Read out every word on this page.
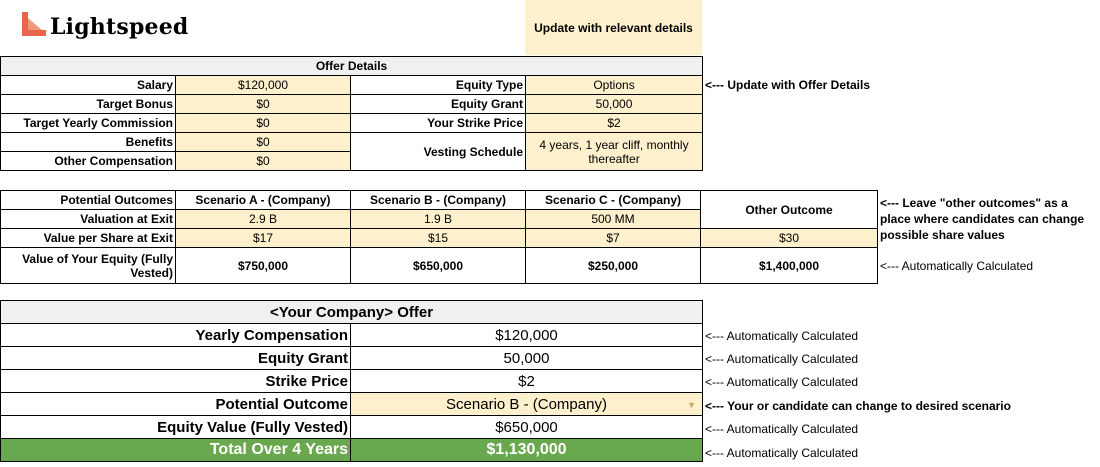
Lightspeed	Update with relevant details
Offer Details			
Salary	$120,000	Equity Type	Options
Target Bonus	$0	Equity Grant	50,000
Target Yearly Commission	$0	Your Strike Price	$2
Benefits	$0	Vesting Schedule	4 years, 1 year cliff, monthly thereafter
Other Compensation	$0		
<--- Update with Offer Details
Potential Outcomes	Scenario A - (Company)	Scenario B - (Company)	Scenario C - (Company)	Other Outcome
Valuation at Exit	2.9 B	1.9 B	500 MM	
Value per Share at Exit	$17	$15	$7	$30
Value of Your Equity (Fully Vested)	$750,000	$650,000	$250,000	$1,400,000
<--- Leave "other outcomes" as a
place where candidates can change
possible share values
<--- Automatically Calculated
<Your Company> Offer	
Yearly Compensation	$120,000
Equity Grant	50,000
Strike Price	$2
Potential Outcome	Scenario B - (Company) ▼

Equity Value (Fully Vested)	$650,000
Total Over 4 Years	$1,130,000
<--- Automatically Calculated
<--- Automatically Calculated
<--- Automatically Calculated
<--- Your or candidate can change to desired scenario
<--- Automatically Calculated
<--- Automatically Calculated
